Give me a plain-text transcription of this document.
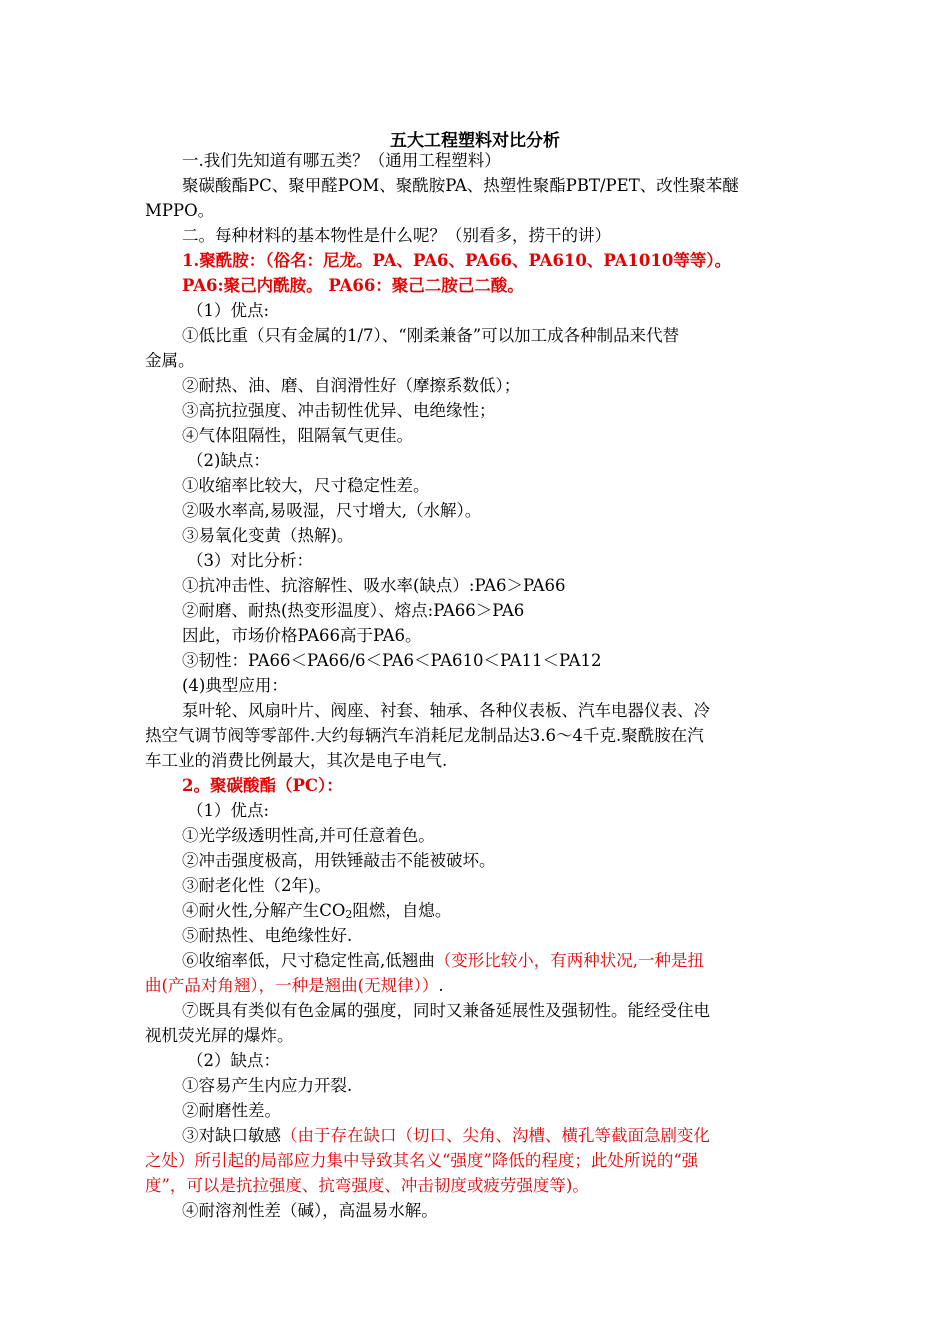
五大工程塑料对比分析
一.我们先知道有哪五类？（通用工程塑料）
聚碳酸酯PC、聚甲醛POM、聚酰胺PA、热塑性聚酯PBT/PET、改性聚苯醚
MPPO。
二。每种材料的基本物性是什么呢？（别看多，捞干的讲）
1.聚酰胺：（俗名：尼龙。PA、PA6、PA66、PA610、PA1010等等）。
PA6:聚己内酰胺。 PA66：聚己二胺己二酸。
（1）优点:
①低比重（只有金属的1/7）、“刚柔兼备”可以加工成各种制品来代替
金属。
②耐热、油、磨、自润滑性好（摩擦系数低）；
③高抗拉强度、冲击韧性优异、电绝缘性；
④气体阻隔性，阻隔氧气更佳。
（2)缺点：
①收缩率比较大，尺寸稳定性差。
②吸水率高,易吸湿，尺寸增大,（水解）。
③易氧化变黄（热解)。
（3）对比分析：
①抗冲击性、抗溶解性、吸水率(缺点）:PA6＞PA66
②耐磨、耐热(热变形温度）、熔点:PA66＞PA6
因此，市场价格PA66高于PA6。
③韧性：PA66＜PA66/6＜PA6＜PA610＜PA11＜PA12
(4)典型应用：
泵叶轮、风扇叶片、阀座、衬套、轴承、各种仪表板、汽车电器仪表、冷
热空气调节阀等零部件.大约每辆汽车消耗尼龙制品达3.6～4千克.聚酰胺在汽
车工业的消费比例最大，其次是电子电气.
2。聚碳酸酯（PC）：
（1）优点:
①光学级透明性高,并可任意着色。
②冲击强度极高，用铁锤敲击不能被破坏。
③耐老化性（2年)。
④耐火性,分解产生CO2阻燃，自熄。
⑤耐热性、电绝缘性好.
⑥收缩率低，尺寸稳定性高,低翘曲（变形比较小，有两种状况,一种是扭
曲(产品对角翘），一种是翘曲(无规律））.
⑦既具有类似有色金属的强度，同时又兼备延展性及强韧性。能经受住电
视机荧光屏的爆炸。
（2）缺点：
①容易产生内应力开裂.
②耐磨性差。
③对缺口敏感（由于存在缺口（切口、尖角、沟槽、横孔等截面急剧变化
之处）所引起的局部应力集中导致其名义“强度”降低的程度；此处所说的“强
度”，可以是抗拉强度、抗弯强度、冲击韧度或疲劳强度等)。
④耐溶剂性差（碱），高温易水解。
